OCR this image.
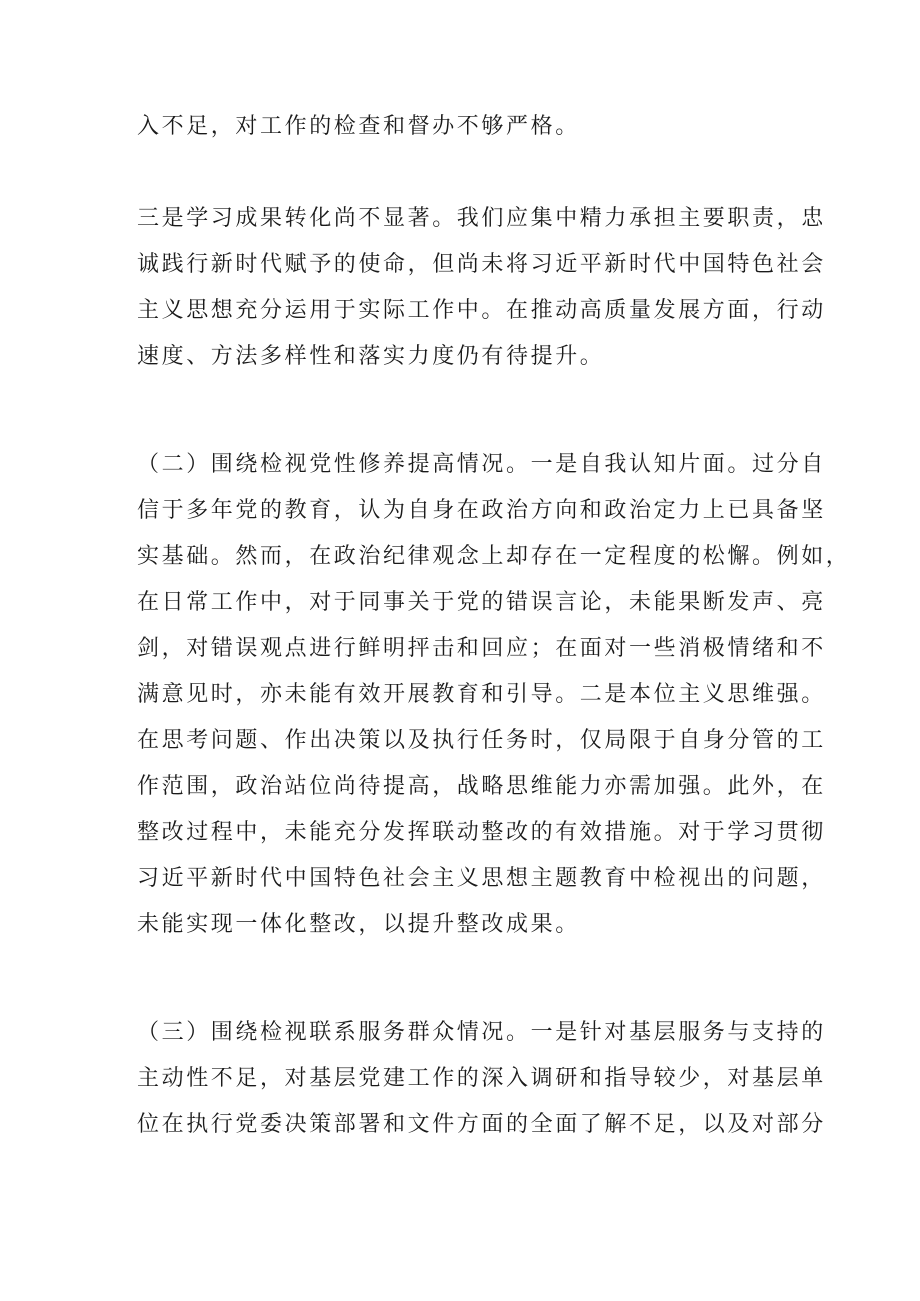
入不足，对工作的检查和督办不够严格。
三是学习成果转化尚不显著。我们应集中精力承担主要职责，忠
诚践行新时代赋予的使命，但尚未将习近平新时代中国特色社会
主义思想充分运用于实际工作中。在推动高质量发展方面，行动
速度、方法多样性和落实力度仍有待提升。
（二）围绕检视党性修养提高情况。一是自我认知片面。过分自
信于多年党的教育，认为自身在政治方向和政治定力上已具备坚
实基础。然而，在政治纪律观念上却存在一定程度的松懈。例如，
在日常工作中，对于同事关于党的错误言论，未能果断发声、亮
剑，对错误观点进行鲜明抨击和回应；在面对一些消极情绪和不
满意见时，亦未能有效开展教育和引导。二是本位主义思维强。
在思考问题、作出决策以及执行任务时，仅局限于自身分管的工
作范围，政治站位尚待提高，战略思维能力亦需加强。此外，在
整改过程中，未能充分发挥联动整改的有效措施。对于学习贯彻
习近平新时代中国特色社会主义思想主题教育中检视出的问题，
未能实现一体化整改，以提升整改成果。
（三）围绕检视联系服务群众情况。一是针对基层服务与支持的
主动性不足，对基层党建工作的深入调研和指导较少，对基层单
位在执行党委决策部署和文件方面的全面了解不足，以及对部分
